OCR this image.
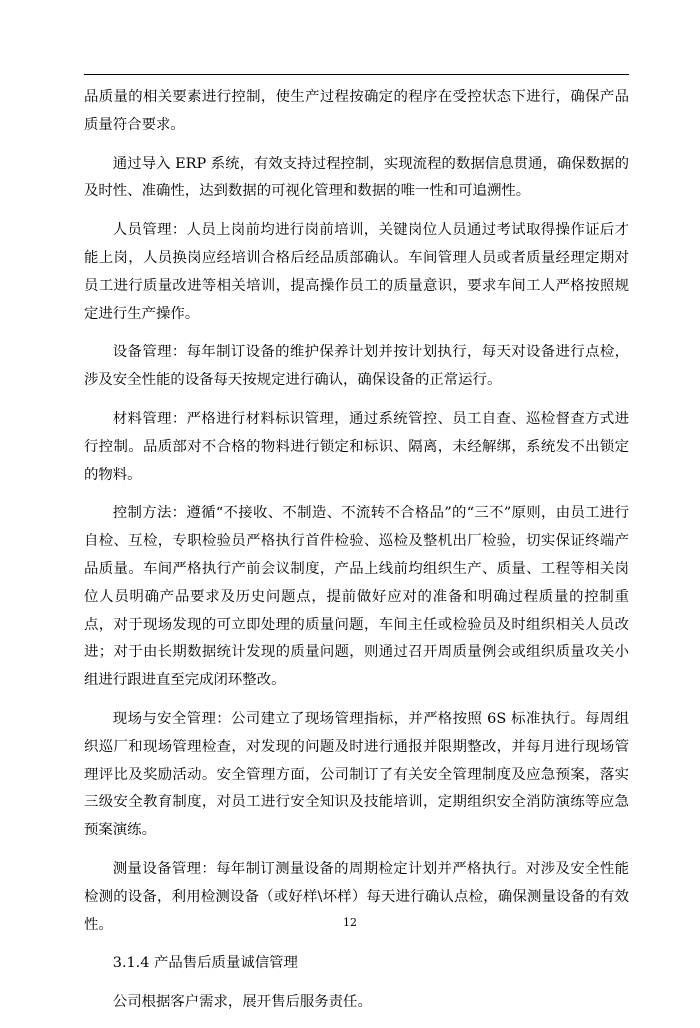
品质量的相关要素进行控制，使生产过程按确定的程序在受控状态下进行，确保产品质量符合要求。

通过导入 ERP 系统，有效支持过程控制，实现流程的数据信息贯通，确保数据的及时性、准确性，达到数据的可视化管理和数据的唯一性和可追溯性。

人员管理：人员上岗前均进行岗前培训，关键岗位人员通过考试取得操作证后才能上岗，人员换岗应经培训合格后经品质部确认。车间管理人员或者质量经理定期对员工进行质量改进等相关培训，提高操作员工的质量意识，要求车间工人严格按照规定进行生产操作。

设备管理：每年制订设备的维护保养计划并按计划执行，每天对设备进行点检，涉及安全性能的设备每天按规定进行确认，确保设备的正常运行。

材料管理：严格进行材料标识管理，通过系统管控、员工自查、巡检督查方式进行控制。品质部对不合格的物料进行锁定和标识、隔离，未经解绑，系统发不出锁定的物料。

控制方法：遵循“不接收、不制造、不流转不合格品”的“三不”原则，由员工进行自检、互检，专职检验员严格执行首件检验、巡检及整机出厂检验，切实保证终端产品质量。车间严格执行产前会议制度，产品上线前均组织生产、质量、工程等相关岗位人员明确产品要求及历史问题点，提前做好应对的准备和明确过程质量的控制重点，对于现场发现的可立即处理的质量问题，车间主任或检验员及时组织相关人员改进；对于由长期数据统计发现的质量问题，则通过召开周质量例会或组织质量攻关小组进行跟进直至完成闭环整改。

现场与安全管理：公司建立了现场管理指标，并严格按照 6S 标准执行。每周组织巡厂和现场管理检查，对发现的问题及时进行通报并限期整改，并每月进行现场管理评比及奖励活动。安全管理方面，公司制订了有关安全管理制度及应急预案，落实三级安全教育制度，对员工进行安全知识及技能培训，定期组织安全消防演练等应急预案演练。

测量设备管理：每年制订测量设备的周期检定计划并严格执行。对涉及安全性能检测的设备，利用检测设备（或好样\坏样）每天进行确认点检，确保测量设备的有效性。

3.1.4 产品售后质量诚信管理

公司根据客户需求，展开售后服务责任。

12
